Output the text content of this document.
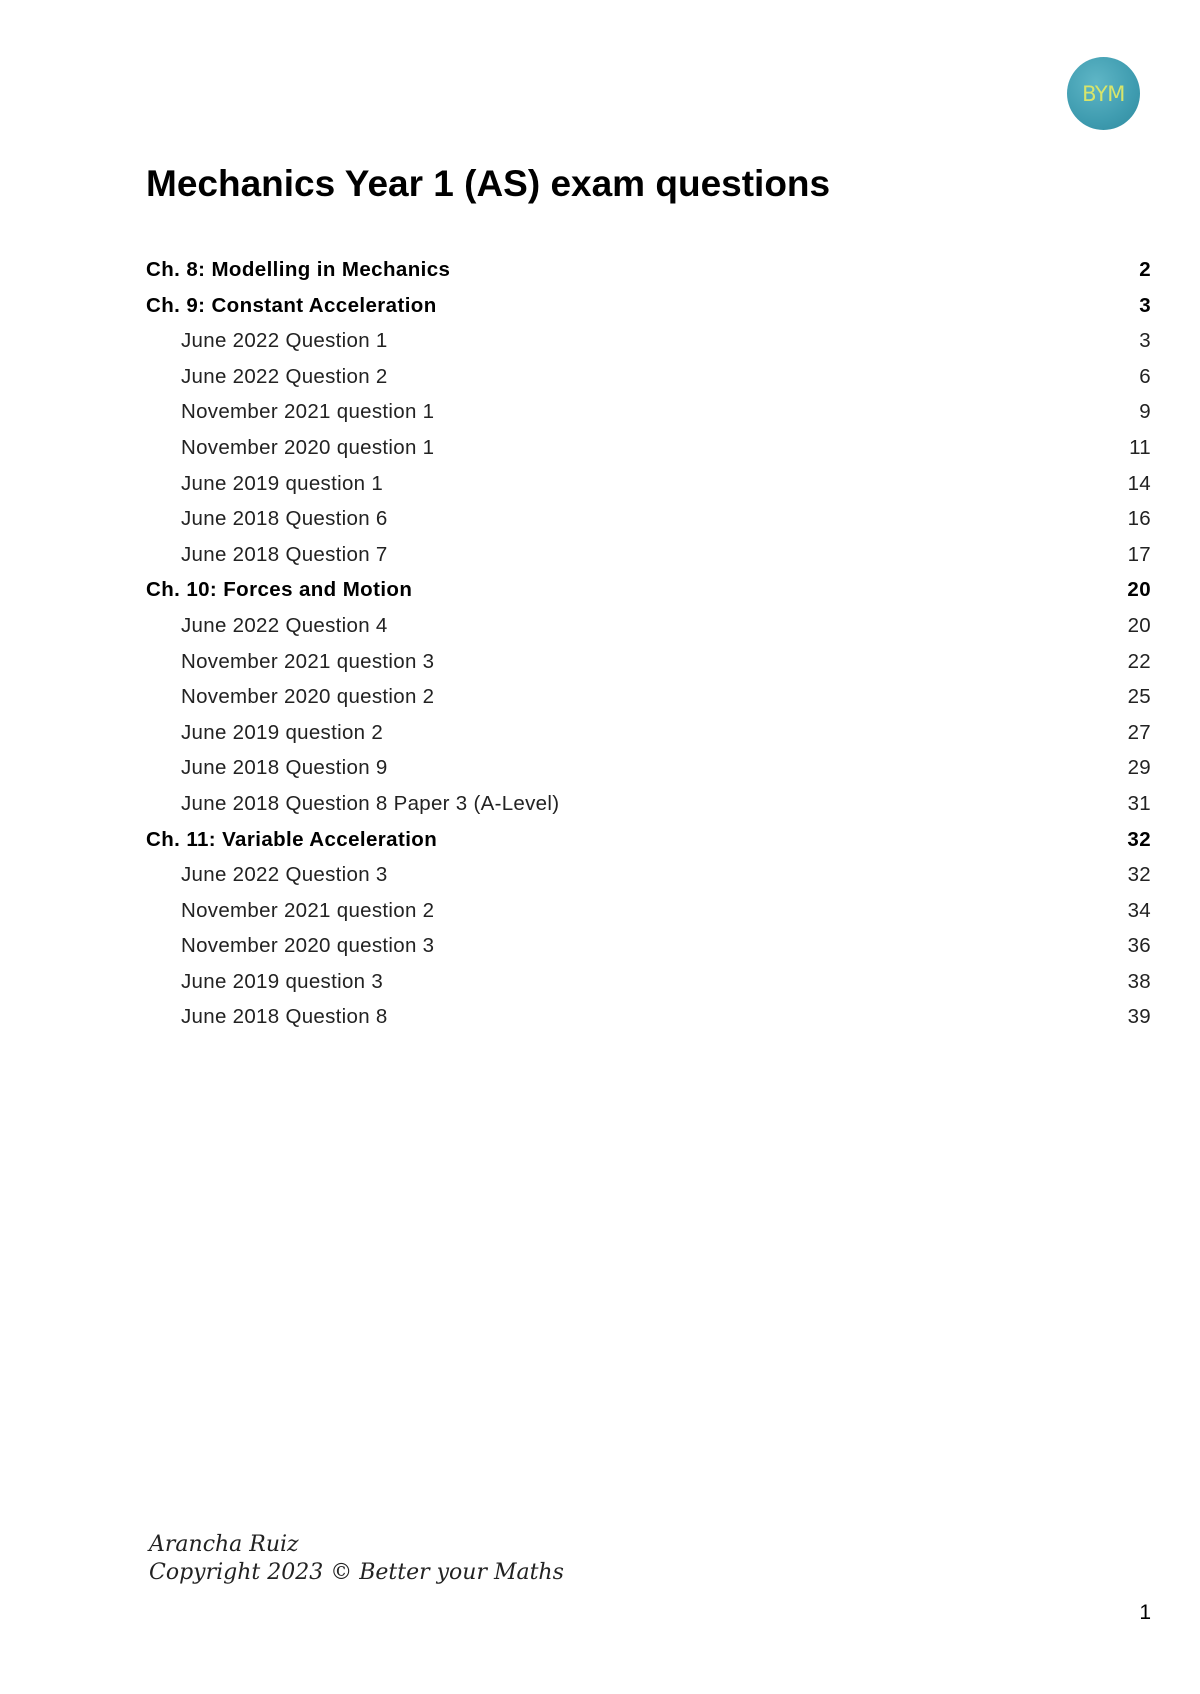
BYM
Mechanics Year 1 (AS) exam questions
Ch. 8: Modelling in Mechanics	2
Ch. 9: Constant Acceleration	3
June 2022 Question 1	3
June 2022 Question 2	6
November 2021 question 1	9
November 2020 question 1	11
June 2019 question 1	14
June 2018 Question 6	16
June 2018 Question 7	17
Ch. 10: Forces and Motion	20
June 2022 Question 4	20
November 2021 question 3	22
November 2020 question 2	25
June 2019 question 2	27
June 2018 Question 9	29
June 2018 Question 8 Paper 3 (A-Level)	31
Ch. 11: Variable Acceleration	32
June 2022 Question 3	32
November 2021 question 2	34
November 2020 question 3	36
June 2019 question 3	38
June 2018 Question 8	39
Arancha Ruiz
Copyright 2023 © Better your Maths
1
